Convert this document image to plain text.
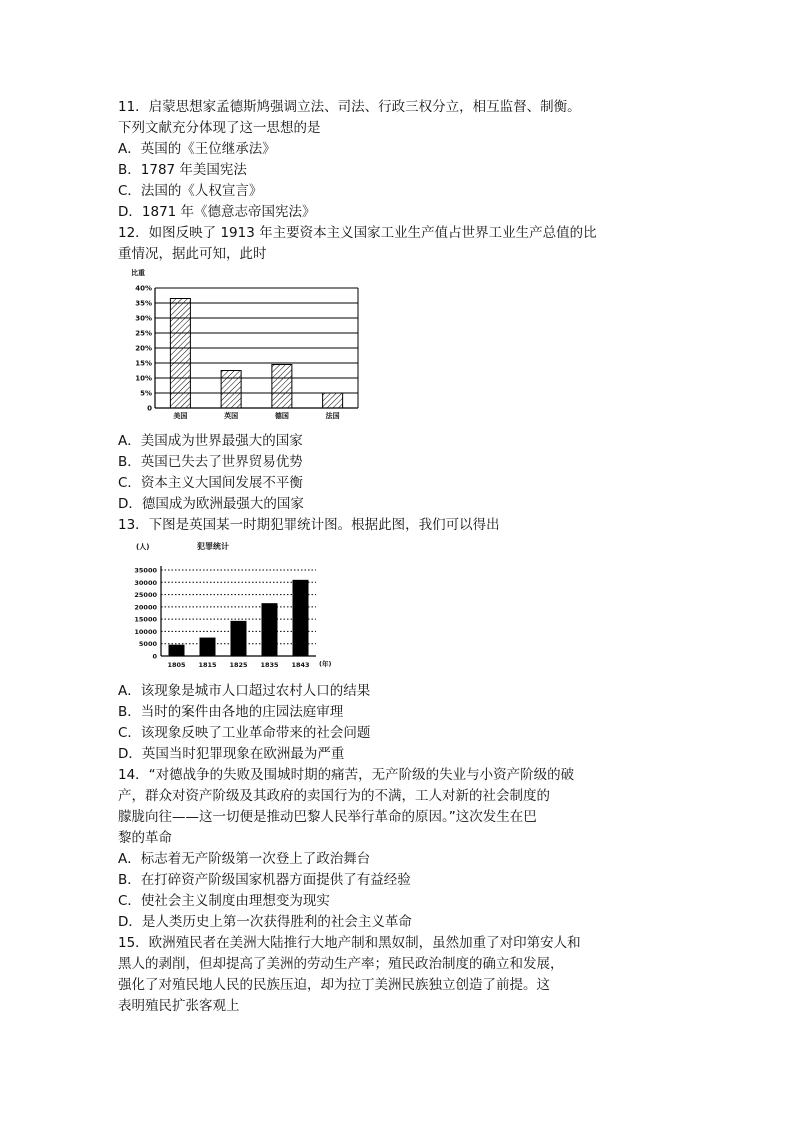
11．启蒙思想家孟德斯鸠强调立法、司法、行政三权分立，相互监督、制衡。
下列文献充分体现了这一思想的是
A．英国的《王位继承法》
B．1787 年美国宪法
C．法国的《人权宣言》
D．1871 年《德意志帝国宪法》
12．如图反映了 1913 年主要资本主义国家工业生产值占世界工业生产总值的比
重情况，据此可知，此时
比重
0
5%
10%
15%
20%
25%
30%
35%
40%
美国	英国	德国	法国
A．美国成为世界最强大的国家
B．英国已失去了世界贸易优势
C．资本主义大国间发展不平衡
D．德国成为欧洲最强大的国家
13．下图是英国某一时期犯罪统计图。根据此图，我们可以得出
(人)	犯罪统计
0
5000
10000
15000
20000
25000
30000
35000
1805 1815 1825 1835 1843 (年)
A．该现象是城市人口超过农村人口的结果
B．当时的案件由各地的庄园法庭审理
C．该现象反映了工业革命带来的社会问题
D．英国当时犯罪现象在欧洲最为严重
14．“对德战争的失败及围城时期的痛苦，无产阶级的失业与小资产阶级的破
产，群众对资产阶级及其政府的卖国行为的不满，工人对新的社会制度的
朦胧向往——这一切便是推动巴黎人民举行革命的原因。”这次发生在巴
黎的革命
A．标志着无产阶级第一次登上了政治舞台
B．在打碎资产阶级国家机器方面提供了有益经验
C．使社会主义制度由理想变为现实
D．是人类历史上第一次获得胜利的社会主义革命
15．欧洲殖民者在美洲大陆推行大地产制和黑奴制，虽然加重了对印第安人和
黑人的剥削，但却提高了美洲的劳动生产率；殖民政治制度的确立和发展，
强化了对殖民地人民的民族压迫，却为拉丁美洲民族独立创造了前提。这
表明殖民扩张客观上
